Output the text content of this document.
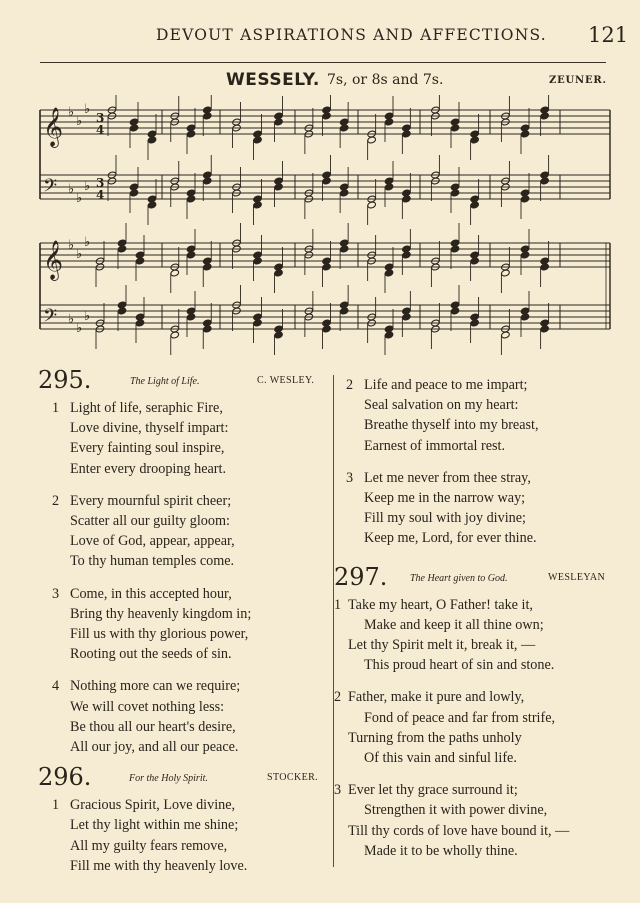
DEVOUT ASPIRATIONS AND AFFECTIONS. 121
WESSELY. 7s, or 8s and 7s.	ZEUNER.
𝄞 ♭
♭
♭
3
4
𝄢 ♭
♭
♭ 3
4
𝄞 ♭
♭
♭
𝄢 ♭
♭
♭
295.	The Light of Life.	C. WESLEY.
1 Light of life, seraphic Fire,
Love divine, thyself impart:
Every fainting soul inspire,
Enter every drooping heart.
2 Every mournful spirit cheer;
Scatter all our guilty gloom:
Love of God, appear, appear,
To thy human temples come.
3 Come, in this accepted hour,
Bring thy heavenly kingdom in;
Fill us with thy glorious power,
Rooting out the seeds of sin.
4 Nothing more can we require;
We will covet nothing less:
Be thou all our heart's desire,
All our joy, and all our peace.
296.	For the Holy Spirit.	STOCKER.
1 Gracious Spirit, Love divine,
Let thy light within me shine;
All my guilty fears remove,
Fill me with thy heavenly love.
2 Life and peace to me impart;
Seal salvation on my heart:
Breathe thyself into my breast,
Earnest of immortal rest.
3 Let me never from thee stray,
Keep me in the narrow way;
Fill my soul with joy divine;
Keep me, Lord, for ever thine.
297. The Heart given to God.	WESLEYAN
1 Take my heart, O Father! take it,
Make and keep it all thine own;
Let thy Spirit melt it, break it, —
This proud heart of sin and stone.
2 Father, make it pure and lowly,
Fond of peace and far from strife,
Turning from the paths unholy
Of this vain and sinful life.
3 Ever let thy grace surround it;
Strengthen it with power divine,
Till thy cords of love have bound it, —
Made it to be wholly thine.
